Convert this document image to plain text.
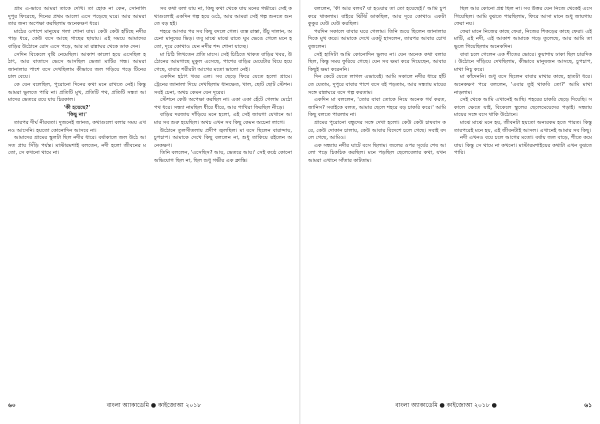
গ্রাম এ-ভাবে আমরা তাকে দেখি। তা হোক না কেন, সোনালি দুপুর ফিরেছে, দিনের প্রথম আলো এসে পড়েছে ঘরে। আর আমরা তার জন্য অপেক্ষা করছিলাম অনেকক্ষণ ধরে।

মাঠের ওপাশে মানুষের গলা শোনা যায়। কেউ কেউ হাঁটছে নদীর পাড় ধরে, কেউ বসে আছে গাছের ছায়ায়। এই সময়ে আমাদের বাড়ির উঠোনে রোদ এসে পড়ে, আর মা রান্নাঘর থেকে ডাক দেন।

সেদিন বিকেলে বৃষ্টি নেমেছিল। আকাশ কালো হয়ে এসেছিল হঠাৎ, আর বাতাসে ভেসে আসছিল ভেজা মাটির গন্ধ। আমরা জানালার পাশে বসে দেখছিলাম কীভাবে জল গড়িয়ে পড়ে টিনের চাল বেয়ে।

কে যেন বলেছিল, পুরোনো দিনের কথা মনে রাখতে নেই। কিন্তু আমরা ভুলতে পারি না। প্রতিটি মুখ, প্রতিটি পথ, প্রতিটি সন্ধ্যা আমাদের ভেতরে রয়ে যায় চিরকাল।

'কী হয়েছে?'

'কিছু না।'

তারপর দীর্ঘ নীরবতা। দুজনেই জানত, কথাগুলো বলার সময় এখনও আসেনি। হয়তো কোনোদিন আসবে না।

আমাদের গ্রামের স্কুলটা ছিল নদীর ধারে। বর্ষাকালে জল উঠে আসত প্রায় সিঁড়ি পর্যন্ত। মাস্টারমশাই বলতেন, নদী হলো জীবনের মতো, সে কখনো থামে না।

সব কথা বলা যায় না, কিছু কথা থেকে যায় মনের গভীরে। সেই কথাগুলোই একদিন গল্প হয়ে ওঠে, আর আমরা সেই গল্প শুনতে শুনতে বড় হই।

শহরে আসার পর সব কিছু বদলে গেল। ব্যস্ত রাস্তা, উঁচু দালান, অচেনা মানুষের ভিড়। তবু মাঝে মাঝে রাতে ঘুম ভেঙে গেলে মনে হতো, দূরে কোথাও যেন নদীর শব্দ শোনা যাচ্ছে।

মা চিঠি লিখতেন প্রতি মাসে। সেই চিঠিতে থাকত বাড়ির খবর, উঠোনের আমগাছে মুকুল এসেছে, পাশের বাড়ির মেয়েটার বিয়ে হয়ে গেছে, বাবার শরীরটা আগের মতো ভালো নেই।

একদিন হঠাৎ খবর এল। সব ছেড়ে ফিরে যেতে হলো গ্রামে। ট্রেনের জানালা দিয়ে দেখছিলাম ধানক্ষেত, খাল, ছোট ছোট স্টেশন। সবই চেনা, অথচ কেমন যেন দূরের।

স্টেশনে কেউ অপেক্ষা করছিল না। একা একা হেঁটে গেলাম মেঠো পথ ধরে। সন্ধ্যা নামছিল ধীরে ধীরে, আর পাখিরা ফিরছিল নীড়ে।

বাড়ির দরজায় দাঁড়িয়ে মনে হলো, এই সেই জায়গা যেখানে আমার সব শুরু হয়েছিল। অথচ এখন সব কিছু কেমন অচেনা লাগে।

উঠোনে তুলসীতলায় প্রদীপ জ্বলছিল। মা বসে ছিলেন বারান্দায়, চুপচাপ। আমাকে দেখে কিছু বললেন না, শুধু তাকিয়ে রইলেন অনেকক্ষণ।

তিনি বললেন, 'এসেছিস? আয়, ভেতরে আয়।' সেই কণ্ঠে কোনো অভিযোগ ছিল না, ছিল শুধু গভীর এক ক্লান্তি।

৬০	বাংলা অ্যাকাডেমি ● কাইজোআ ২০১৮

বললেন, 'কী আর বলব? যা হওয়ার তা তো হয়েছেই।' আমি চুপ করে থাকলাম। বাইরে ঝিঁঝিঁ ডাকছিল, আর দূরে কোথাও একটা কুকুর ঘেউ ঘেউ করছিল।

পরদিন সকালে বাবার ঘরে গেলাম। তিনি শুয়ে ছিলেন জানালার দিকে মুখ করে। আমাকে দেখে একটু হাসলেন, তারপর আবার চোখ বুজলেন।

সেই হাসিটা আমি কোনোদিন ভুলব না। যেন অনেক কথা বলার ছিল, কিন্তু সময় ফুরিয়ে গেছে। যেন সব ক্ষমা করে দিয়েছেন, আবার কিছুই ক্ষমা করেননি।

দিন কেটে যেতে লাগল এভাবেই। আমি সকালে নদীর ধারে হাঁটতে যেতাম, দুপুরে বাবার পাশে বসে বই পড়তাম, আর সন্ধ্যায় মায়ের সঙ্গে রান্নাঘরে বসে গল্প করতাম।

একদিন মা বললেন, 'তোর বাবা তোকে নিয়ে অনেক গর্ব করত, জানিস? সবাইকে বলত, আমার ছেলে শহরে বড় চাকরি করে।' আমি কিছু বলতে পারলাম না।

গ্রামের পুরোনো বন্ধুদের সঙ্গে দেখা হলো। কেউ কেউ চাষবাস করে, কেউ দোকান চালায়, কেউ আবার বিদেশে চলে গেছে। সবাই বদলে গেছে, আমিও।

এক সন্ধ্যায় নদীর ঘাটে বসে ছিলাম। জলের ওপর সূর্যের শেষ আলো পড়ে চিকচিক করছিল। মনে পড়ছিল ছেলেবেলার কথা, যখন আমরা এখানে সাঁতার কাটতাম।

ছিল আর কোনো প্রশ্ন ছিল না। সব উত্তর যেন নিজে থেকেই এসে গিয়েছিল। আমি বুঝতে পারছিলাম, ফিরে আসা মানে শুধু জায়গায় ফেরা নয়।

ফেরা মানে নিজের কাছে ফেরা, নিজের শিকড়ের কাছে ফেরা। এই মাটি, এই নদী, এই আকাশ আমাকে গড়ে তুলেছে, আর আমি তা ভুলে গিয়েছিলাম অনেকদিন।

বাবা চলে গেলেন এক শীতের ভোরে। কুয়াশায় ঢাকা ছিল চারদিক। উঠোনে দাঁড়িয়ে দেখছিলাম, কীভাবে মানুষজন আসছে, চুপচাপ, মাথা নিচু করে।

মা কাঁদেননি। শুধু বসে ছিলেন বাবার মাথার কাছে, হাতটা ধরে। অনেকক্ষণ পরে বললেন, 'এবার তুই থাকবি তো?' আমি মাথা নাড়লাম।

সেই থেকে আমি এখানেই আছি। শহরের চাকরি ছেড়ে দিয়েছি। সকালে ক্ষেতে যাই, বিকেলে স্কুলের ছেলেমেয়েদের পড়াই। সন্ধ্যায় মায়ের সঙ্গে বসে থাকি উঠোনে।

মাঝে মাঝে মনে হয়, জীবনটা হয়তো অন্যরকম হতে পারত। কিন্তু তারপরেই মনে হয়, এই জীবনটাই আসল। এখানেই আমার সব কিছু।

নদী এখনও বয়ে চলে আগের মতো। বর্ষায় জল বাড়ে, শীতে কমে যায়। কিন্তু সে থামে না কখনো। মাস্টারমশাইয়ের কথাটা এখন বুঝতে পারি।

বাংলা অ্যাকাডেমি ● কাইজোআ ২০১৮ ●	৬১
